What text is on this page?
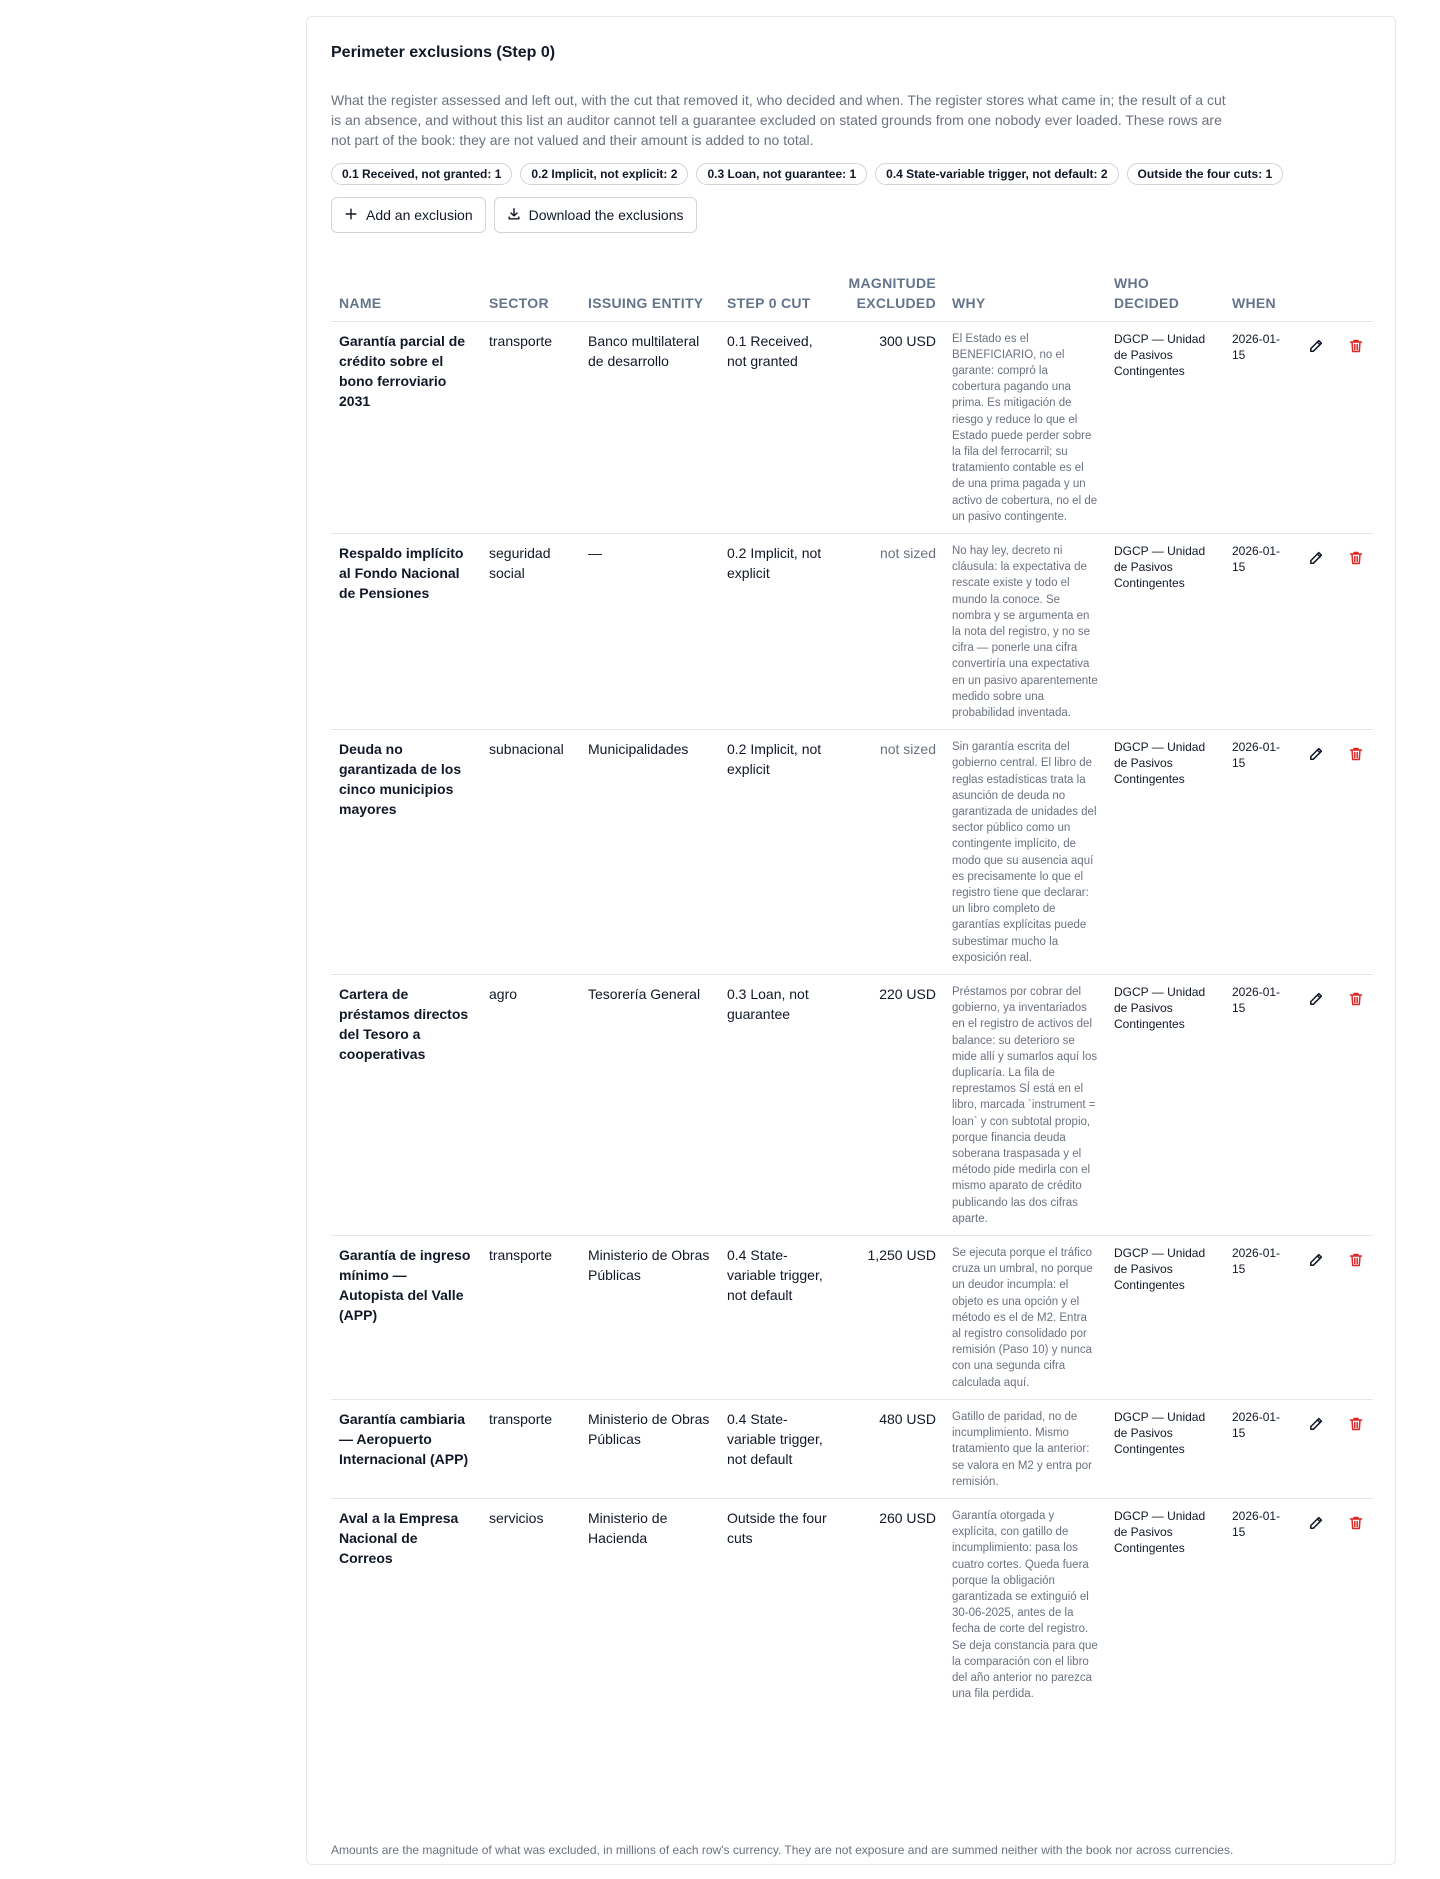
Perimeter exclusions (Step 0)

What the register assessed and left out, with the cut that removed it, who decided and when. The register stores what came in; the result of a cut is an absence, and without this list an auditor cannot tell a guarantee excluded on stated grounds from one nobody ever loaded. These rows are not part of the book: they are not valued and their amount is added to no total.

0.1 Received, not granted: 1	0.2 Implicit, not explicit: 2	0.3 Loan, not guarantee: 1	0.4 State-variable trigger, not default: 2	Outside the four cuts: 1
Add an exclusion	Download the exclusions
NAME	SECTOR	ISSUING ENTITY	STEP 0 CUT	MAGNITUDE EXCLUDED	WHY	WHO DECIDED	WHEN	
Garantía parcial de crédito sobre el bono ferroviario 2031	transporte	Banco multilateral de desarrollo	0.1 Received, not granted	300 USD	El Estado es el BENEFICIARIO, no el garante: compró la cobertura pagando una prima. Es mitigación de riesgo y reduce lo que el Estado puede perder sobre la fila del ferrocarril; su tratamiento contable es el de una prima pagada y un activo de cobertura, no el de un pasivo contingente.	DGCP — Unidad de Pasivos Contingentes	2026-01-15	

Respaldo implícito al Fondo Nacional de Pensiones	seguridad social	—	0.2 Implicit, not explicit	not sized	No hay ley, decreto ni cláusula: la expectativa de rescate existe y todo el mundo la conoce. Se nombra y se argumenta en la nota del registro, y no se cifra — ponerle una cifra convertiría una expectativa en un pasivo aparentemente medido sobre una probabilidad inventada.	DGCP — Unidad de Pasivos Contingentes	2026-01-15	

Deuda no garantizada de los cinco municipios mayores	subnacional	Municipalidades	0.2 Implicit, not explicit	not sized	Sin garantía escrita del gobierno central. El libro de reglas estadísticas trata la asunción de deuda no garantizada de unidades del sector público como un contingente implícito, de modo que su ausencia aquí es precisamente lo que el registro tiene que declarar: un libro completo de garantías explícitas puede subestimar mucho la exposición real.	DGCP — Unidad de Pasivos Contingentes	2026-01-15	

Cartera de préstamos directos del Tesoro a cooperativas	agro	Tesorería General	0.3 Loan, not guarantee	220 USD	Préstamos por cobrar del gobierno, ya inventariados en el registro de activos del balance: su deterioro se mide allí y sumarlos aquí los duplicaría. La fila de represtamos SÍ está en el libro, marcada `instrument = loan` y con subtotal propio, porque financia deuda soberana traspasada y el método pide medirla con el mismo aparato de crédito publicando las dos cifras aparte.	DGCP — Unidad de Pasivos Contingentes	2026-01-15	

Garantía de ingreso mínimo — Autopista del Valle (APP)	transporte	Ministerio de Obras Públicas	0.4 State-variable trigger, not default	1,250 USD	Se ejecuta porque el tráfico cruza un umbral, no porque un deudor incumpla: el objeto es una opción y el método es el de M2. Entra al registro consolidado por remisión (Paso 10) y nunca con una segunda cifra calculada aquí.	DGCP — Unidad de Pasivos Contingentes	2026-01-15	

Garantía cambiaria — Aeropuerto Internacional (APP)	transporte	Ministerio de Obras Públicas	0.4 State-variable trigger, not default	480 USD	Gatillo de paridad, no de incumplimiento. Mismo tratamiento que la anterior: se valora en M2 y entra por remisión.	DGCP — Unidad de Pasivos Contingentes	2026-01-15	

Aval a la Empresa Nacional de Correos	servicios	Ministerio de Hacienda	Outside the four cuts	260 USD	Garantía otorgada y explícita, con gatillo de incumplimiento: pasa los cuatro cortes. Queda fuera porque la obligación garantizada se extinguió el 30-06-2025, antes de la fecha de corte del registro. Se deja constancia para que la comparación con el libro del año anterior no parezca una fila perdida.	DGCP — Unidad de Pasivos Contingentes	2026-01-15	

Amounts are the magnitude of what was excluded, in millions of each row's currency. They are not exposure and are summed neither with the book nor across currencies.
